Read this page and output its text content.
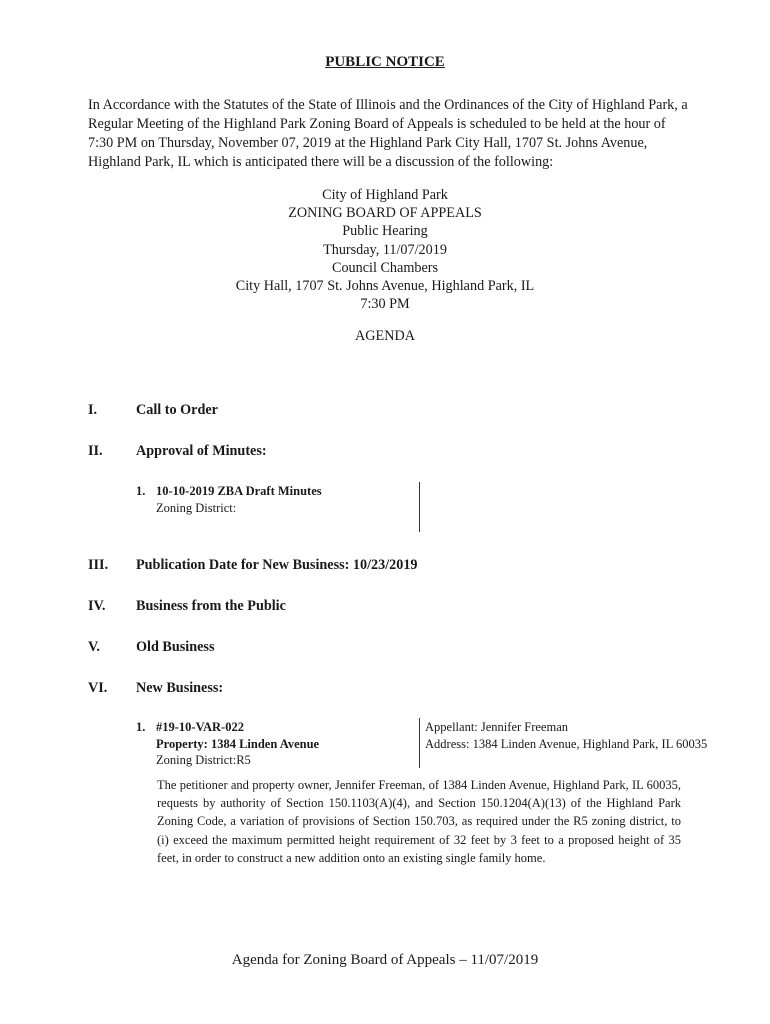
PUBLIC NOTICE
In Accordance with the Statutes of the State of Illinois and the Ordinances of the City of Highland Park, a Regular Meeting of the Highland Park Zoning Board of Appeals is scheduled to be held at the hour of 7:30 PM on Thursday, November 07, 2019 at the Highland Park City Hall, 1707 St. Johns Avenue, Highland Park, IL which is anticipated there will be a discussion of the following:
City of Highland Park
ZONING BOARD OF APPEALS
Public Hearing
Thursday, 11/07/2019
Council Chambers
City Hall, 1707 St. Johns Avenue, Highland Park, IL
7:30 PM
AGENDA
I.	Call to Order
II.	Approval of Minutes:
1. 10-10-2019 ZBA Draft Minutes
Zoning District:
III.	Publication Date for New Business: 10/23/2019
IV.	Business from the Public
V.	Old Business
VI.	New Business:
1. #19-10-VAR-022
Property: 1384 Linden Avenue
Zoning District:R5
Appellant: Jennifer Freeman
Address: 1384 Linden Avenue, Highland Park, IL 60035
The petitioner and property owner, Jennifer Freeman, of 1384 Linden Avenue, Highland Park, IL 60035, requests by authority of Section 150.1103(A)(4), and Section 150.1204(A)(13) of the Highland Park Zoning Code, a variation of provisions of Section 150.703, as required under the R5 zoning district, to (i) exceed the maximum permitted height requirement of 32 feet by 3 feet to a proposed height of 35 feet, in order to construct a new addition onto an existing single family home.
Agenda for Zoning Board of Appeals – 11/07/2019
